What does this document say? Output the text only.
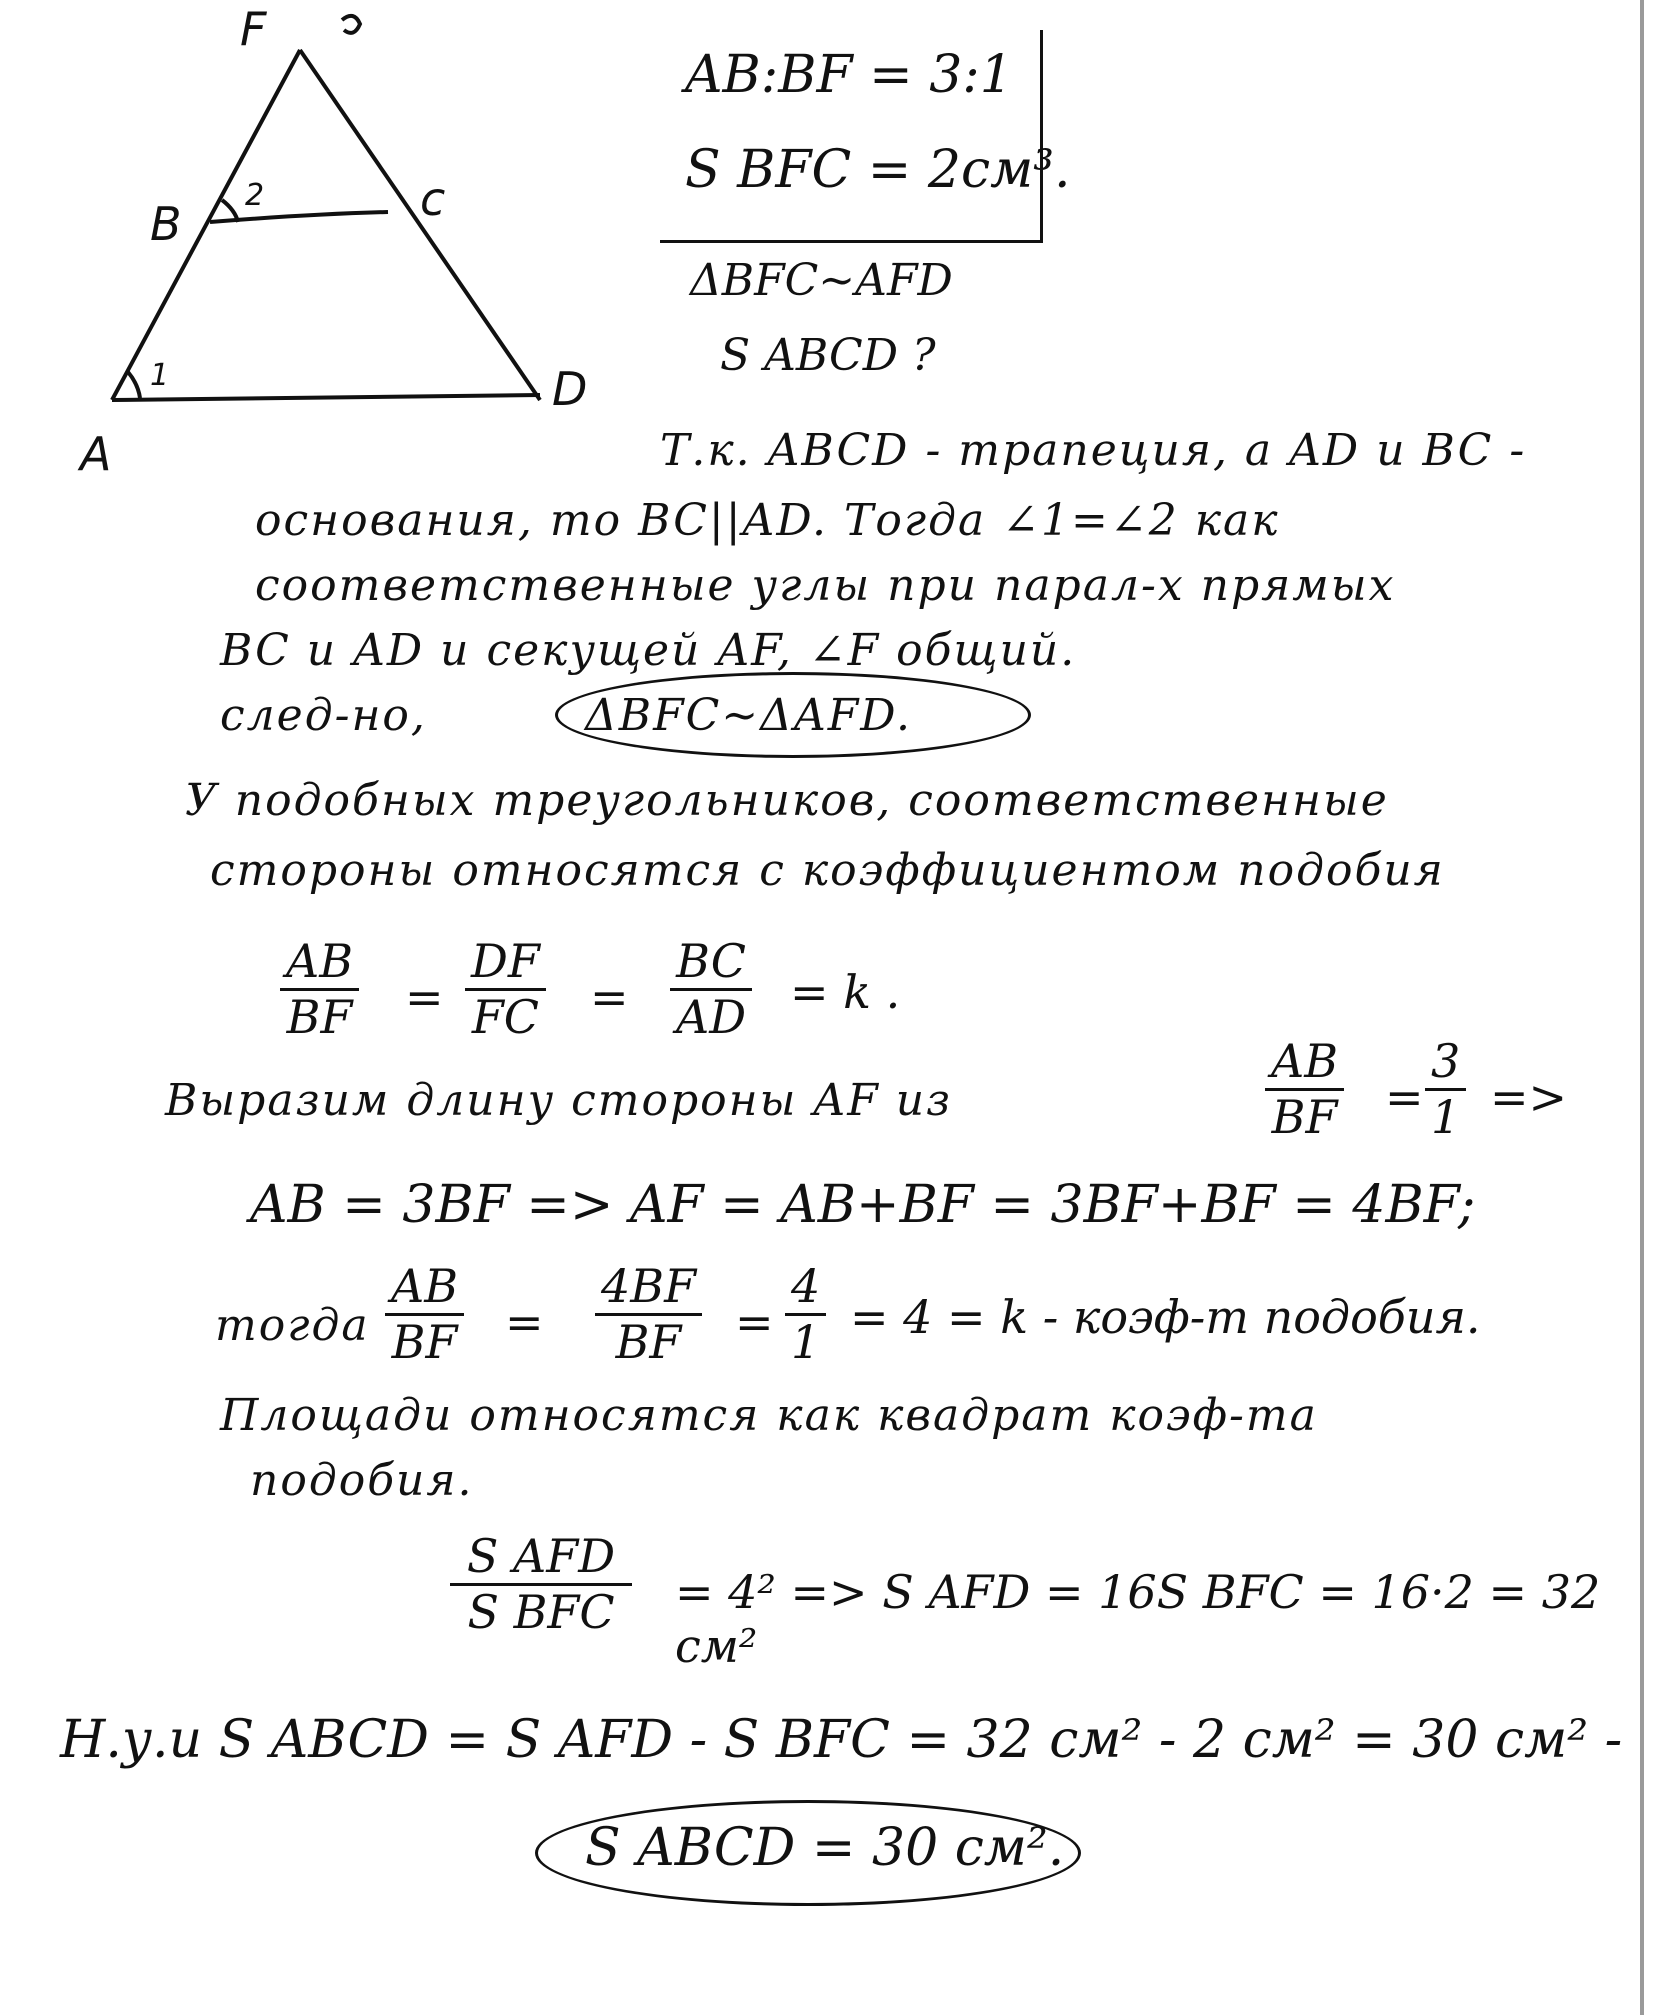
F
B	c
A
D
1
2
AB:BF = 3:1
S BFC = 2см³.
ΔBFC∼AFD
S ABCD ?
Т.к. ABCD - трапеция, а AD и BC -
основания, то BC||AD. Тогда ∠1=∠2 как
соответственные углы при парал-х прямых
BC и AD и секущей AF, ∠F общий.
след-но,	ΔBFC∼ΔAFD.
У подобных треугольников, соответственные
стороны относятся с коэффициентом подобия
$\frac{AB}{BF} = \frac{DF}{FC} = \frac{BC}{AD} = k$ .
Выразим длину стороны AF из	$\frac{AB}{BF} = \frac{3}{1}$ =>
AB = 3BF => AF = AB+BF = 3BF+BF = 4BF;
тогда $\frac{AB}{BF} = \frac{4BF}{BF} = \frac{4}{1} = 4 = k$ - коэф-т подобия.
Площади относятся как квадрат коэф-та
подобия.
S AFD
S BFC = 4² => S AFD = 16S BFC = 16·2 = 32 см²
Н.у.и S ABCD = S AFD - S BFC = 32 см² - 2 см² = 30 см² -
S ABCD = 30 см².
